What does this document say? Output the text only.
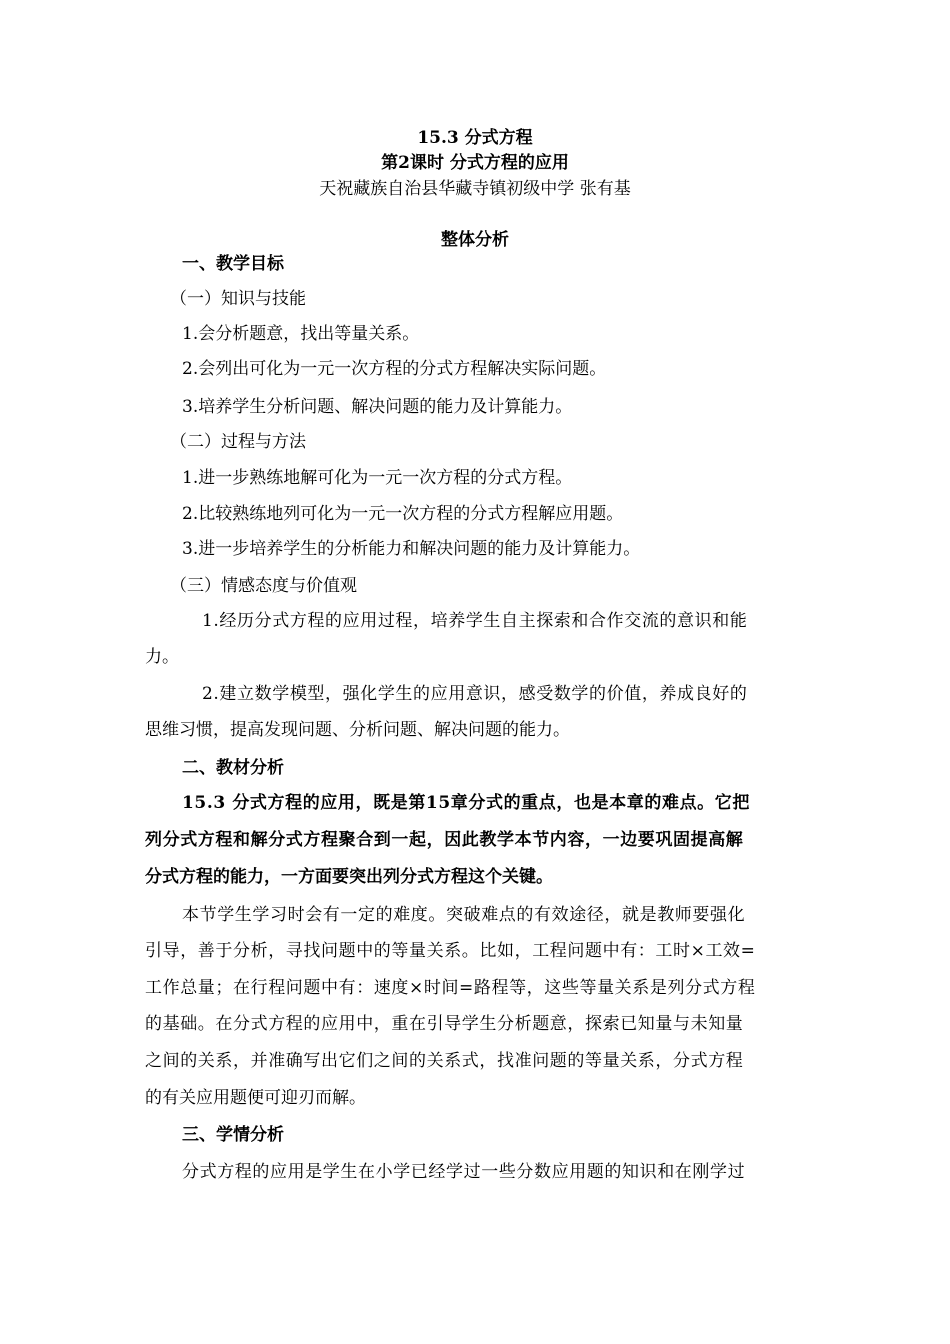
15.3 分式方程
第2课时 分式方程的应用
天祝藏族自治县华藏寺镇初级中学 张有基
整体分析
一、教学目标
（一）知识与技能
1.会分析题意，找出等量关系。
2.会列出可化为一元一次方程的分式方程解决实际问题。
3.培养学生分析问题、解决问题的能力及计算能力。
（二）过程与方法
1.进一步熟练地解可化为一元一次方程的分式方程。
2.比较熟练地列可化为一元一次方程的分式方程解应用题。
3.进一步培养学生的分析能力和解决问题的能力及计算能力。
（三）情感态度与价值观
1.经历分式方程的应用过程，培养学生自主探索和合作交流的意识和能
力。
2.建立数学模型，强化学生的应用意识，感受数学的价值，养成良好的
思维习惯，提高发现问题、分析问题、解决问题的能力。
二、教材分析
15.3 分式方程的应用，既是第15章分式的重点，也是本章的难点。它把
列分式方程和解分式方程聚合到一起，因此教学本节内容，一边要巩固提高解
分式方程的能力，一方面要突出列分式方程这个关键。
本节学生学习时会有一定的难度。突破难点的有效途径，就是教师要强化
引导，善于分析，寻找问题中的等量关系。比如，工程问题中有：工时×工效=
工作总量；在行程问题中有：速度×时间=路程等，这些等量关系是列分式方程
的基础。在分式方程的应用中，重在引导学生分析题意，探索已知量与未知量
之间的关系，并准确写出它们之间的关系式，找准问题的等量关系，分式方程
的有关应用题便可迎刃而解。
三、学情分析
分式方程的应用是学生在小学已经学过一些分数应用题的知识和在刚学过
